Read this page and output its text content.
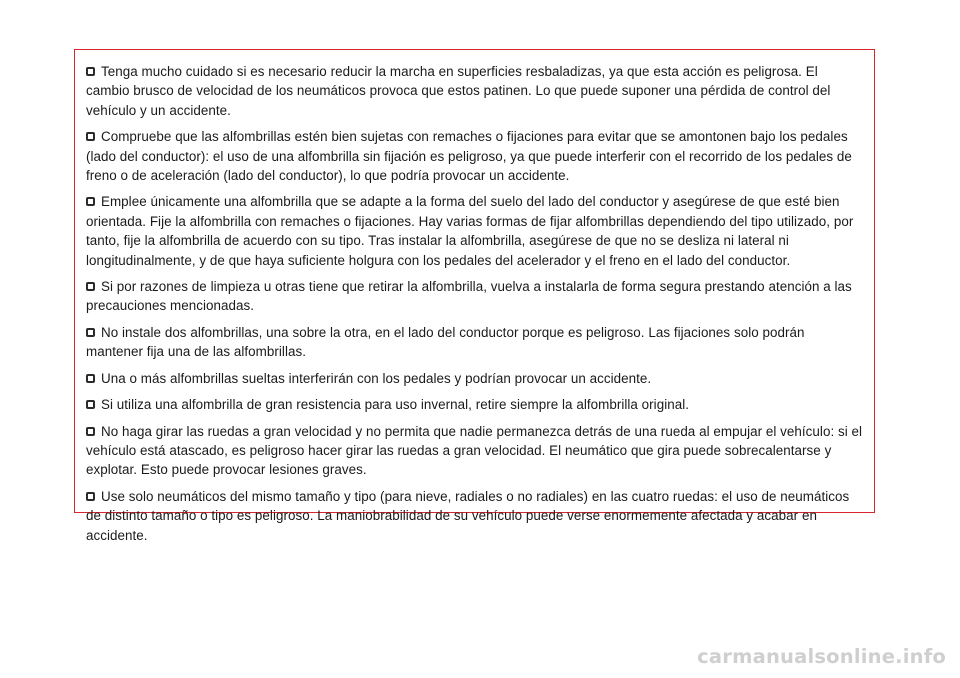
Tenga mucho cuidado si es necesario reducir la marcha en superficies resbaladizas, ya que esta acción es peligrosa. El cambio brusco de velocidad de los neumáticos provoca que estos patinen. Lo que puede suponer una pérdida de control del vehículo y un accidente.

Compruebe que las alfombrillas estén bien sujetas con remaches o fijaciones para evitar que se amontonen bajo los pedales (lado del conductor): el uso de una alfombrilla sin fijación es peligroso, ya que puede interferir con el recorrido de los pedales de freno o de aceleración (lado del conductor), lo que podría provocar un accidente.

Emplee únicamente una alfombrilla que se adapte a la forma del suelo del lado del conductor y asegúrese de que esté bien orientada. Fije la alfombrilla con remaches o fijaciones. Hay varias formas de fijar alfombrillas dependiendo del tipo utilizado, por tanto, fije la alfombrilla de acuerdo con su tipo. Tras instalar la alfombrilla, asegúrese de que no se desliza ni lateral ni longitudinalmente, y de que haya suficiente holgura con los pedales del acelerador y el freno en el lado del conductor.

Si por razones de limpieza u otras tiene que retirar la alfombrilla, vuelva a instalarla de forma segura prestando atención a las precauciones mencionadas.

No instale dos alfombrillas, una sobre la otra, en el lado del conductor porque es peligroso. Las fijaciones solo podrán mantener fija una de las alfombrillas.

Una o más alfombrillas sueltas interferirán con los pedales y podrían provocar un accidente.

Si utiliza una alfombrilla de gran resistencia para uso invernal, retire siempre la alfombrilla original.

No haga girar las ruedas a gran velocidad y no permita que nadie permanezca detrás de una rueda al empujar el vehículo: si el vehículo está atascado, es peligroso hacer girar las ruedas a gran velocidad. El neumático que gira puede sobrecalentarse y explotar. Esto puede provocar lesiones graves.

Use solo neumáticos del mismo tamaño y tipo (para nieve, radiales o no radiales) en las cuatro ruedas: el uso de neumáticos de distinto tamaño o tipo es peligroso. La maniobrabilidad de su vehículo puede verse enormemente afectada y acabar en accidente.

carmanualsonline.info
